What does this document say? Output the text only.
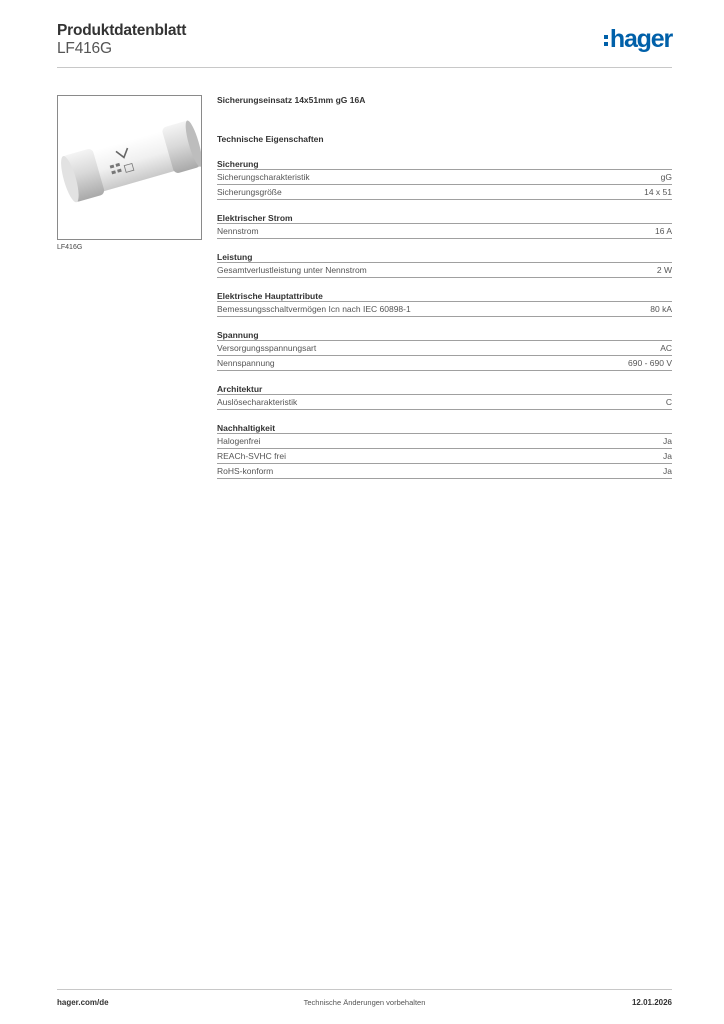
Produktdatenblatt
LF416G	hager
LF416G
Sicherungseinsatz 14x51mm gG 16A
Technische Eigenschaften
Sicherung
Sicherungscharakteristik	gG
Sicherungsgröße	14 x 51
Elektrischer Strom
Nennstrom	16 A
Leistung
Gesamtverlustleistung unter Nennstrom	2 W
Elektrische Hauptattribute
Bemessungsschaltvermögen Icn nach IEC 60898-1	80 kA
Spannung
Versorgungsspannungsart	AC
Nennspannung	690 - 690 V
Architektur
Auslösecharakteristik	C
Nachhaltigkeit
Halogenfrei	Ja
REACh-SVHC frei	Ja
RoHS-konform	Ja
hager.com/de	Technische Änderungen vorbehalten	12.01.2026
